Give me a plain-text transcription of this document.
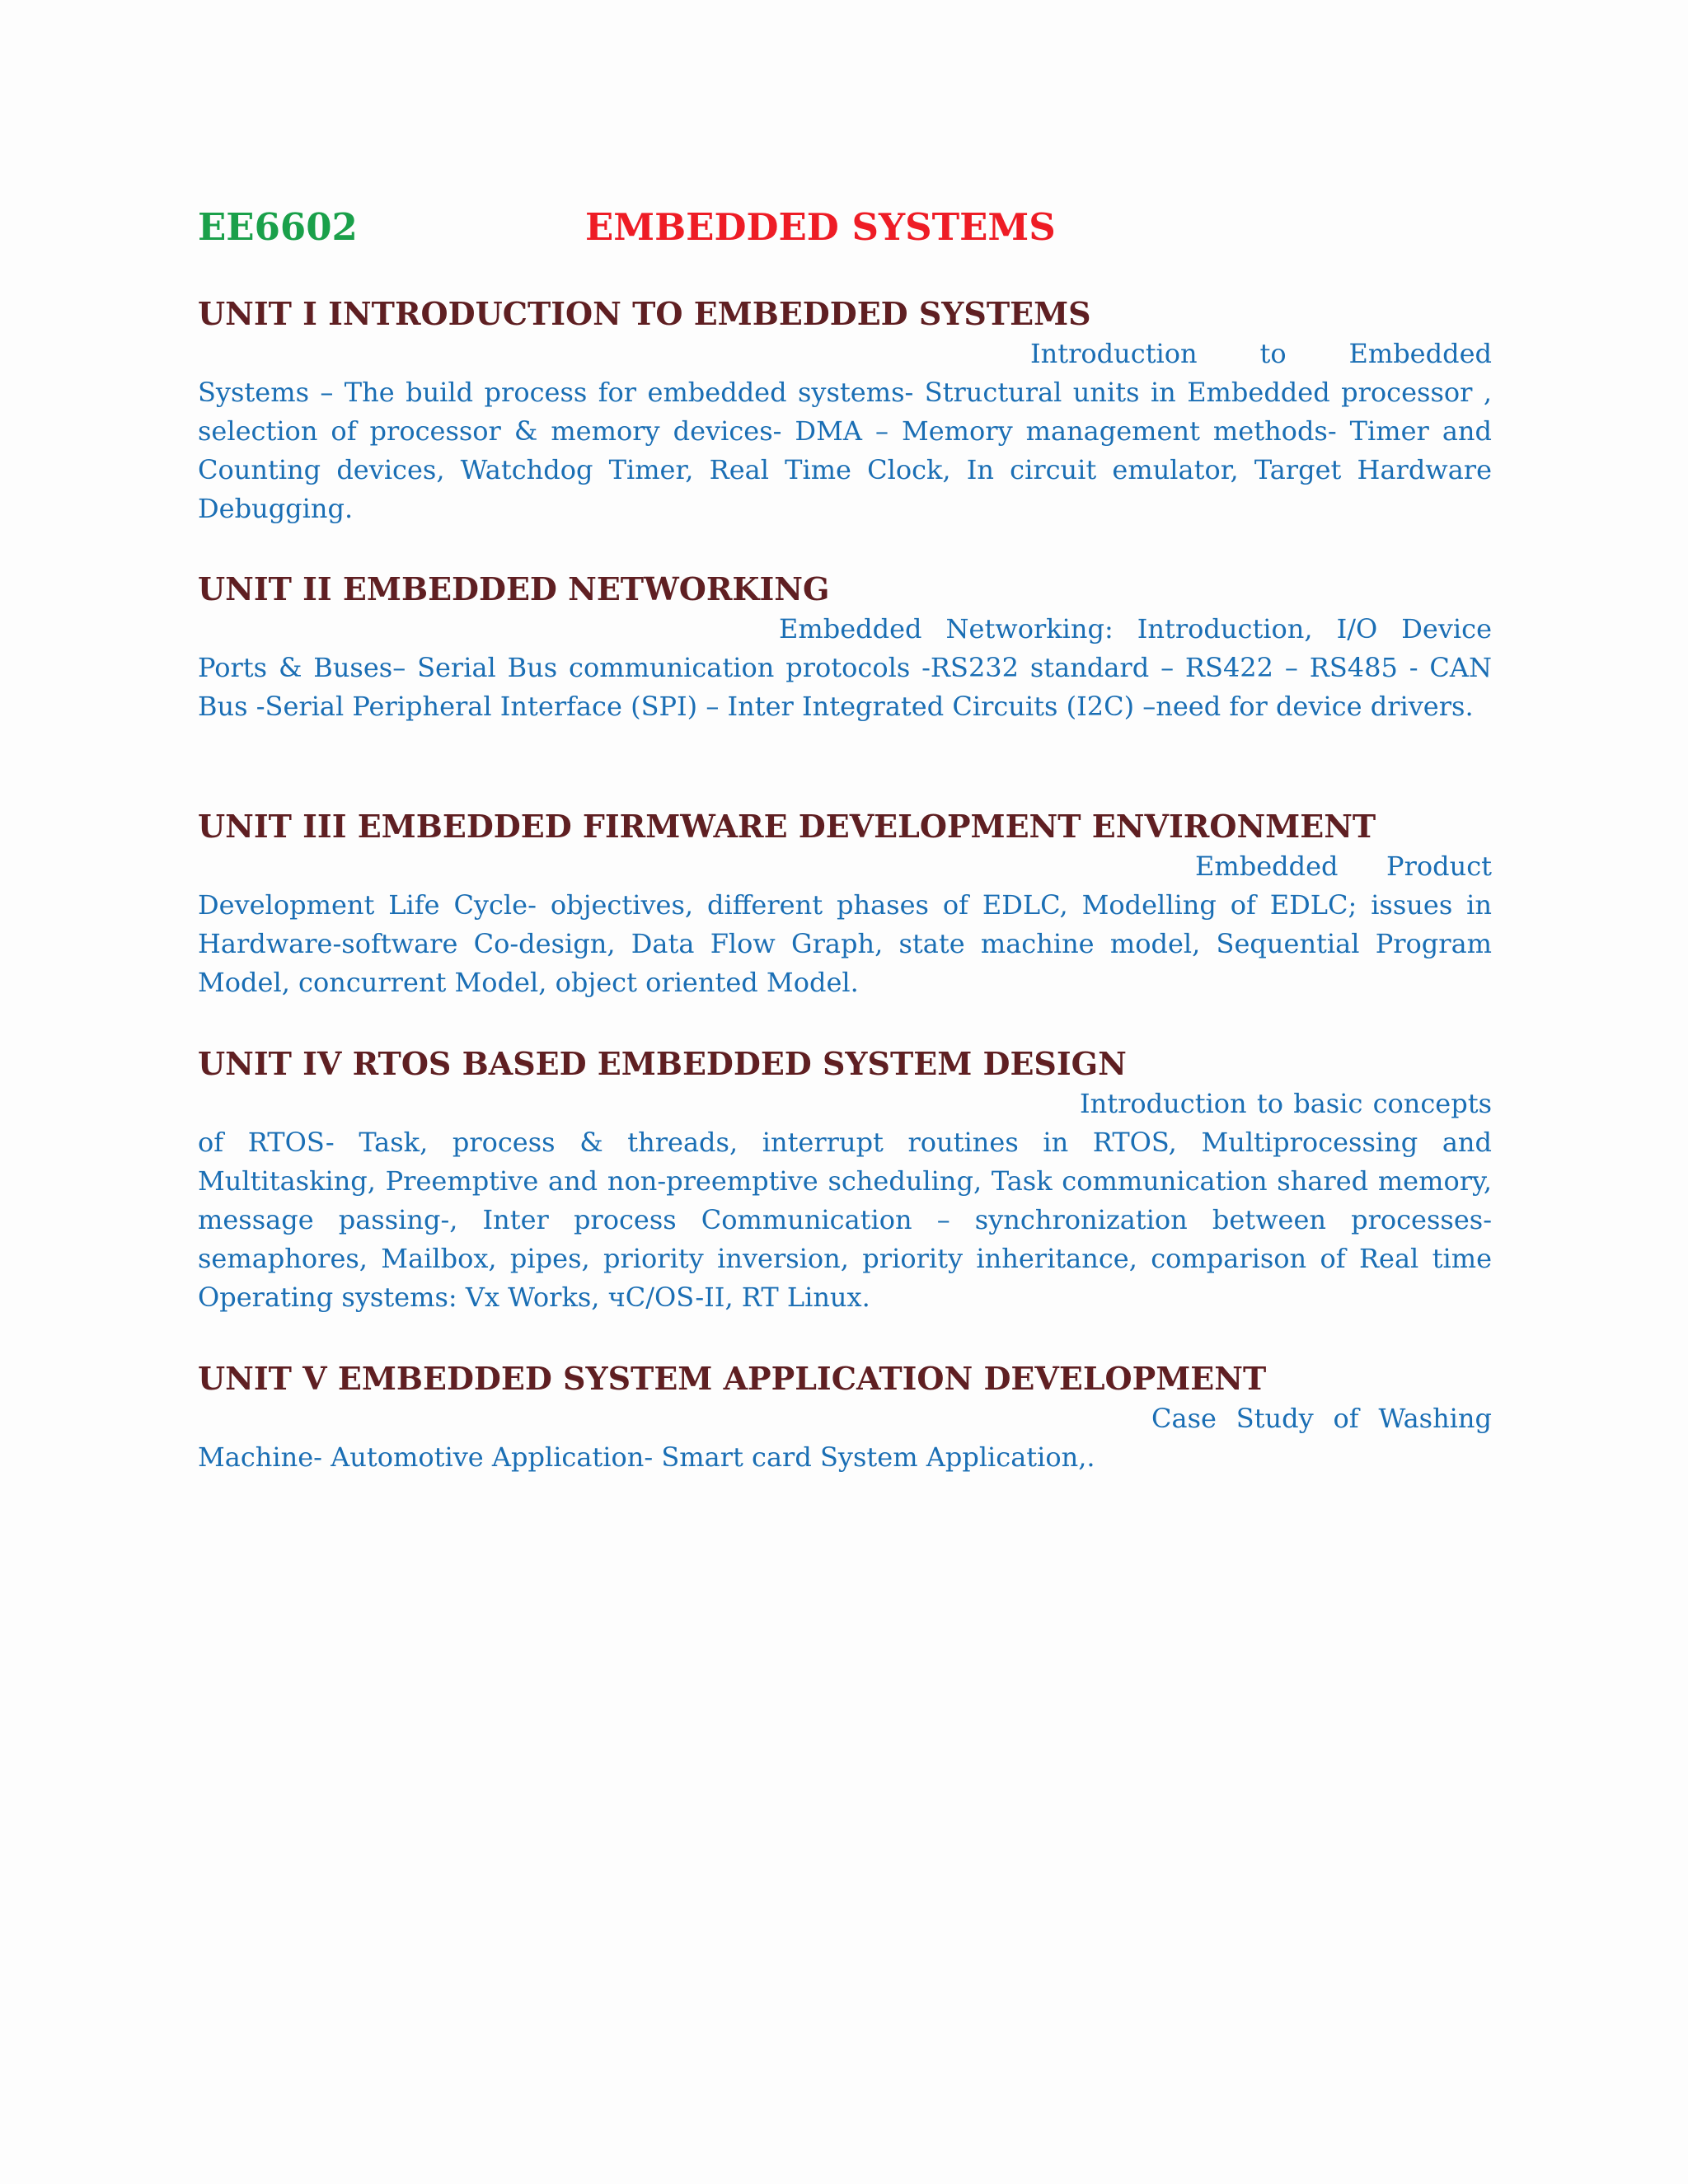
EE6602	EMBEDDED SYSTEMS
UNIT I INTRODUCTION TO EMBEDDED SYSTEMS

Introduction to Embedded Systems – The build process for embedded systems- Structural units in Embedded processor , selection of processor & memory devices- DMA – Memory management methods- Timer and Counting devices, Watchdog Timer, Real Time Clock, In circuit emulator, Target Hardware Debugging.

UNIT II EMBEDDED NETWORKING

Embedded Networking: Introduction, I/O Device Ports & Buses– Serial Bus communication protocols -RS232 standard – RS422 – RS485 - CAN Bus -Serial Peripheral Interface (SPI) – Inter Integrated Circuits (I2C) –need for device drivers.

UNIT III EMBEDDED FIRMWARE DEVELOPMENT ENVIRONMENT

Embedded Product Development Life Cycle- objectives, different phases of EDLC, Modelling of EDLC; issues in Hardware-software Co-design, Data Flow Graph, state machine model, Sequential Program Model, concurrent Model, object oriented Model.

UNIT IV RTOS BASED EMBEDDED SYSTEM DESIGN

Introduction to basic concepts of RTOS- Task, process & threads, interrupt routines in RTOS, Multiprocessing and Multitasking, Preemptive and non-preemptive scheduling, Task communication shared memory, message passing-, Inter process Communication – synchronization between processes-semaphores, Mailbox, pipes, priority inversion, priority inheritance, comparison of Real time Operating systems: Vx Works, чC/OS-II, RT Linux.

UNIT V EMBEDDED SYSTEM APPLICATION DEVELOPMENT

Case Study of Washing Machine- Automotive Application- Smart card System Application,.
